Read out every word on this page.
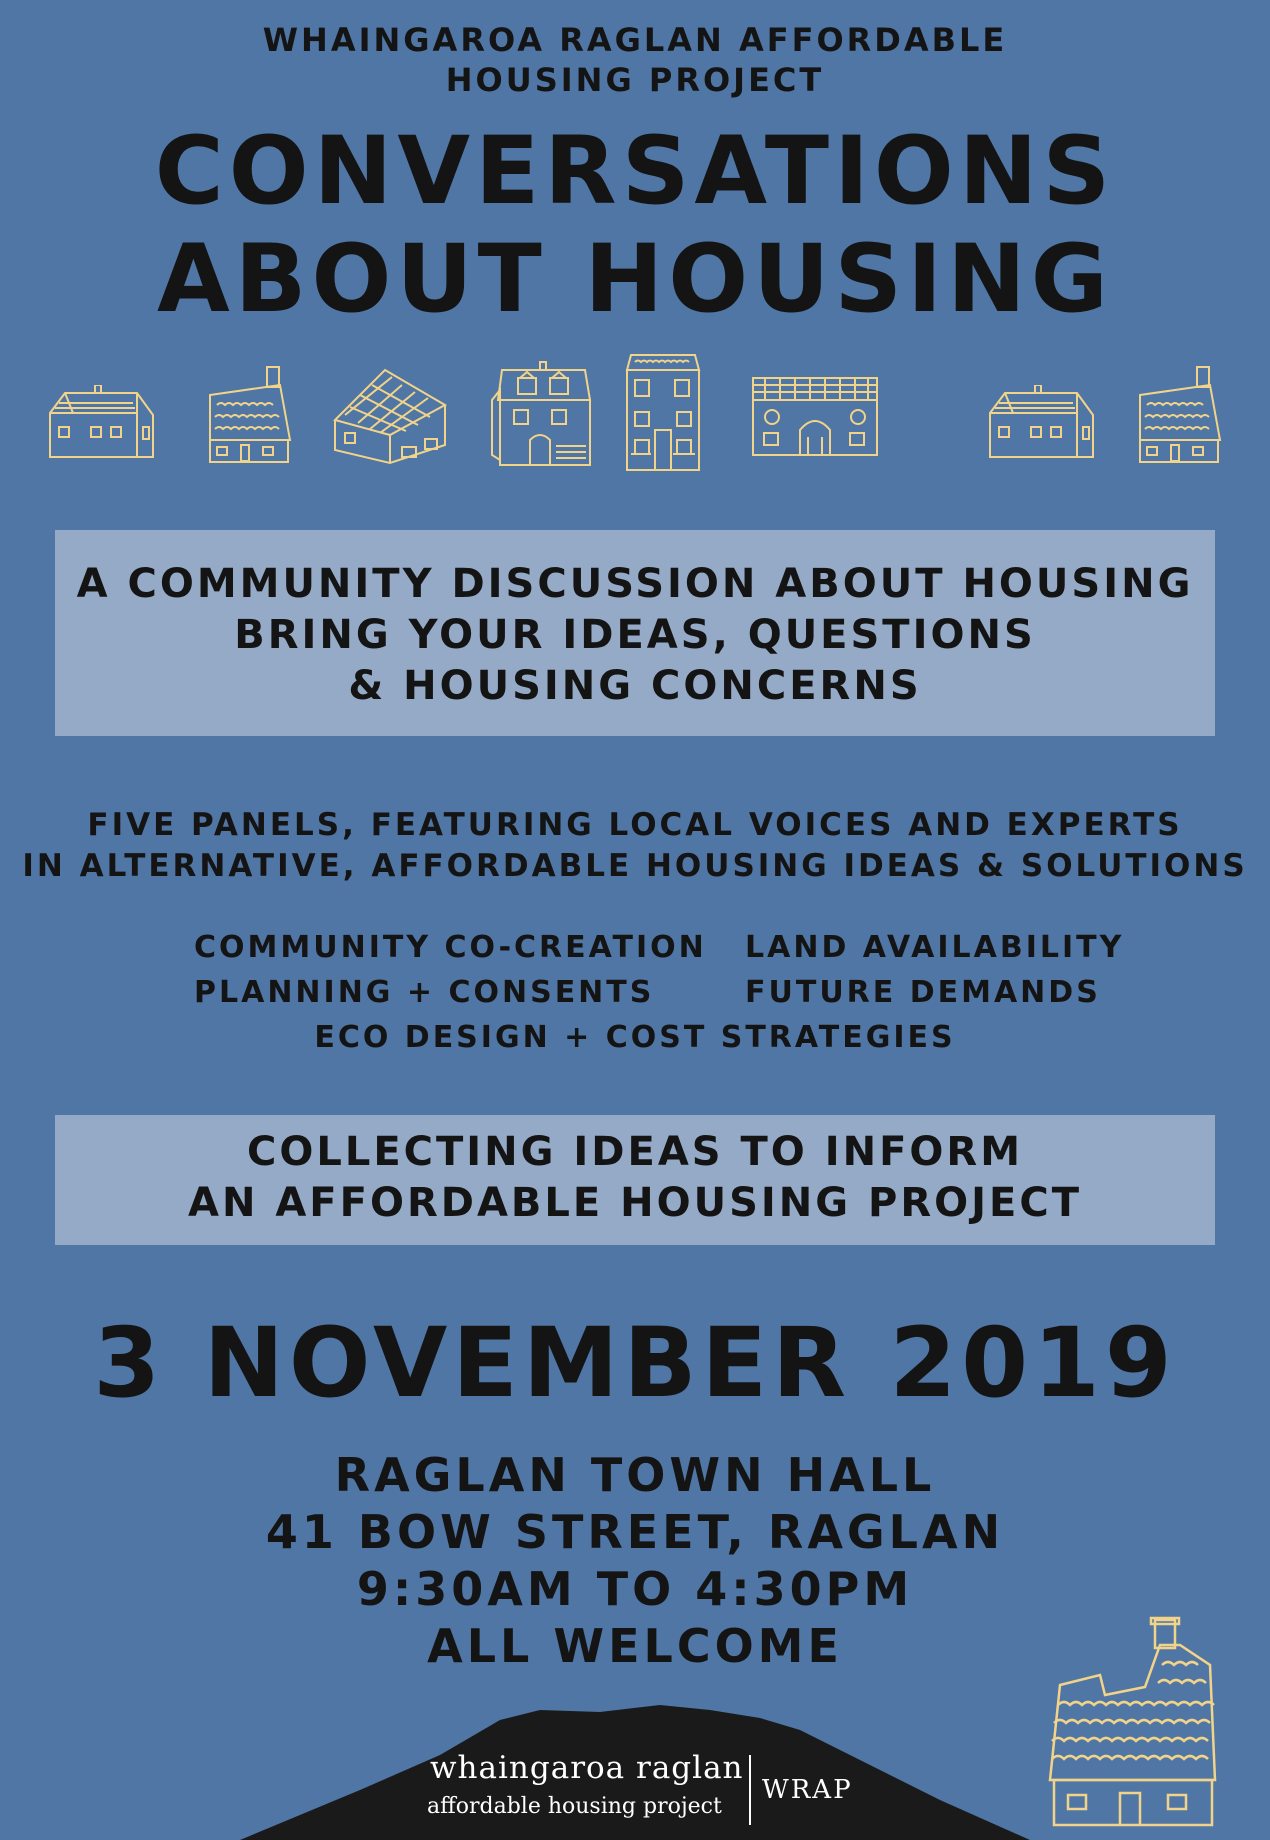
WHAINGAROA RAGLAN AFFORDABLE
HOUSING PROJECT
CONVERSATIONS
ABOUT HOUSING
A COMMUNITY DISCUSSION ABOUT HOUSING
BRING YOUR IDEAS, QUESTIONS
& HOUSING CONCERNS
FIVE PANELS, FEATURING LOCAL VOICES AND EXPERTS
IN ALTERNATIVE, AFFORDABLE HOUSING IDEAS & SOLUTIONS
COMMUNITY CO-CREATION LAND AVAILABILITY
PLANNING + CONSENTS	FUTURE DEMANDS
ECO DESIGN + COST STRATEGIES
COLLECTING IDEAS TO INFORM
AN AFFORDABLE HOUSING PROJECT
3 NOVEMBER 2019
RAGLAN TOWN HALL
41 BOW STREET, RAGLAN
9:30AM TO 4:30PM
ALL WELCOME
whaingaroa raglan
affordable housing project
WRAP
